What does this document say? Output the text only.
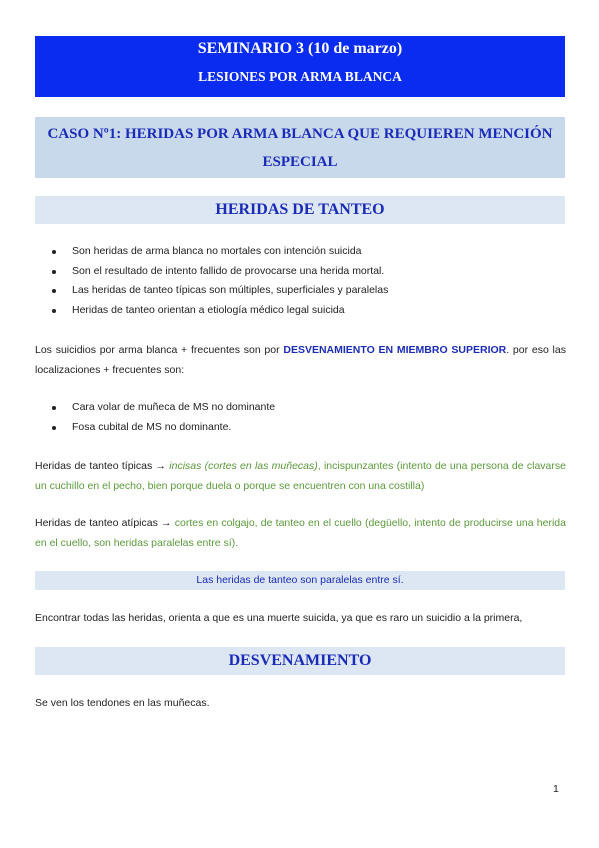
SEMINARIO 3 (10 de marzo)
LESIONES POR ARMA BLANCA
CASO Nº1: HERIDAS POR ARMA BLANCA QUE REQUIEREN MENCIÓN
ESPECIAL
HERIDAS DE TANTEO
Son heridas de arma blanca no mortales con intención suicida
Son el resultado de intento fallido de provocarse una herida mortal.
Las heridas de tanteo típicas son múltiples, superficiales y paralelas
Heridas de tanteo orientan a etiología médico legal suicida
Los suicidios por arma blanca + frecuentes son por DESVENAMIENTO EN MIEMBRO SUPERIOR. por eso las localizaciones + frecuentes son:
Cara volar de muñeca de MS no dominante
Fosa cubital de MS no dominante.
Heridas de tanteo típicas → incisas (cortes en las muñecas), incispunzantes (intento de una persona de clavarse un cuchillo en el pecho, bien porque duela o porque se encuentren con una costilla)
Heridas de tanteo atípicas → cortes en colgajo, de tanteo en el cuello (degüello, intento de producirse una herida en el cuello, son heridas paralelas entre sí).
Las heridas de tanteo son paralelas entre sí.
Encontrar todas las heridas, orienta a que es una muerte suicida, ya que es raro un suicidio a la primera,
DESVENAMIENTO
Se ven los tendones en las muñecas.
1
